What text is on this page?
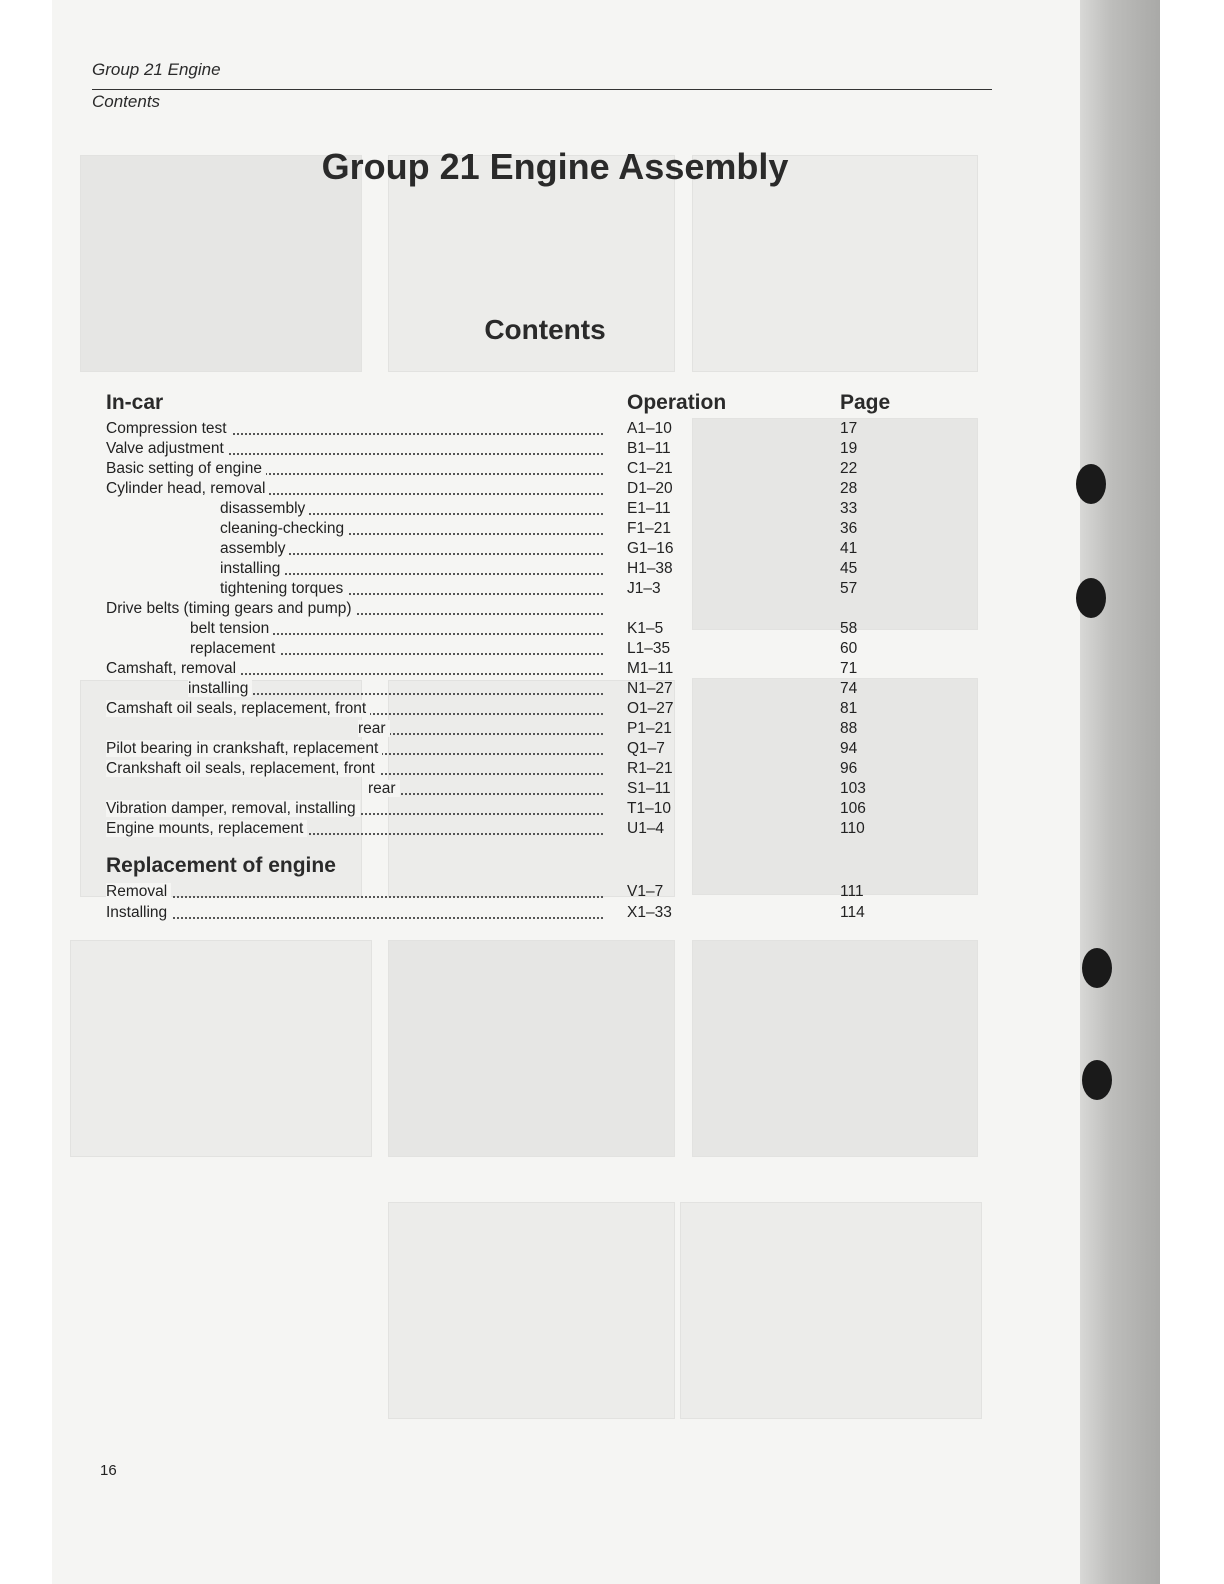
Group 21 Engine
Contents
Group 21 Engine Assembly
Contents
In-car	Operation	Page
Compression test	A1–10	17
Valve adjustment	B1–11	19
Basic setting of engine	C1–21	22
Cylinder head, removal	D1–20	28
disassembly	E1–11	33
cleaning-checking	F1–21	36
assembly	G1–16	41
installing	H1–38	45
tightening torques	J1–3	57
Drive belts (timing gears and pump)
belt tension	K1–5	58
replacement	L1–35	60
Camshaft, removal	M1–11	71
installing	N1–27	74
Camshaft oil seals, replacement, front	O1–27	81
rear	P1–21	88
Pilot bearing in crankshaft, replacement	Q1–7	94
Crankshaft oil seals, replacement, front	R1–21	96
rear	S1–11	103
Vibration damper, removal, installing	T1–10	106
Engine mounts, replacement	U1–4	110
Replacement of engine
Removal	V1–7	111
Installing	X1–33	114
16
